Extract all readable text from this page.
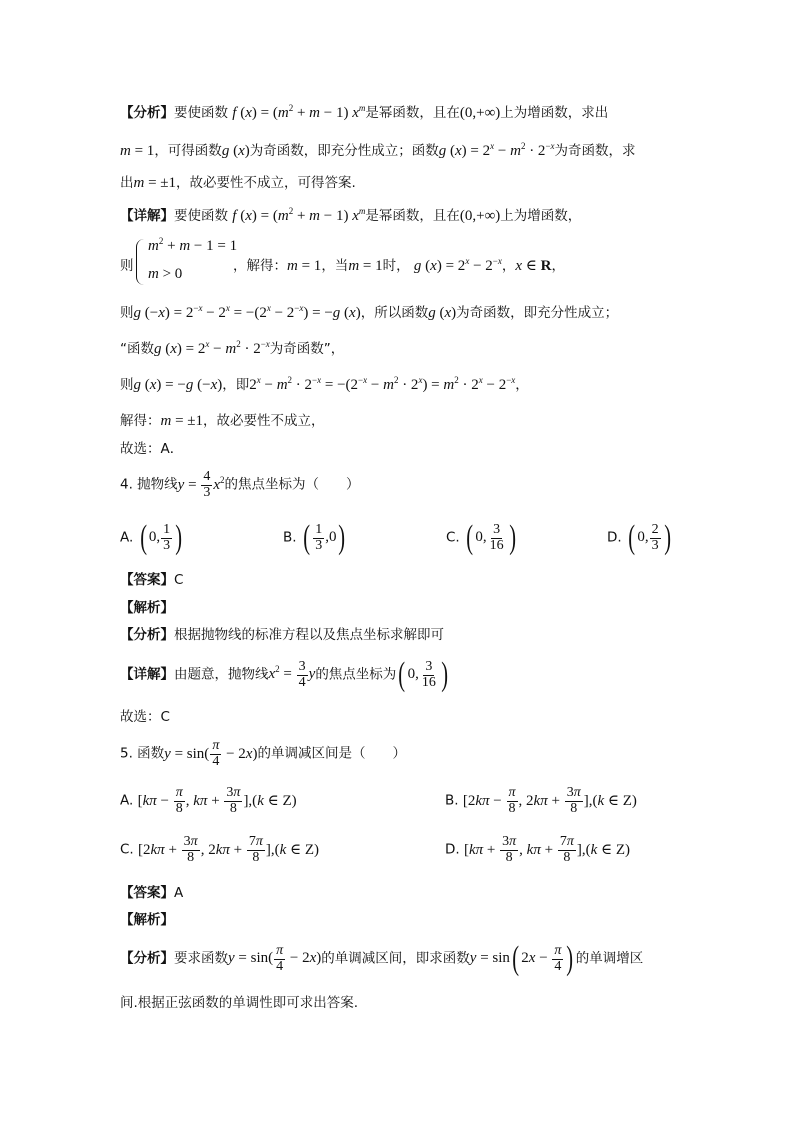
【分析】要使函数 f $(x) = (m^2 + m - 1)$ $x^m$是幂函数，且在(0,+∞)上为增函数，求出
m = 1，可得函数g (x)为奇函数，即充分性成立；函数g $(x) = 2^x - m^2 \cdot 2^{-x}$为奇函数，求
出m = ±1，故必要性不成立，可得答案.
【详解】要使函数 f $(x) = (m^2 + m - 1)$ $x^m$是幂函数，且在(0,+∞)上为增函数，
则
$m^2 + m - 1 = 1$
m > 0	，解得：m = 1，当m = 1时， g $(x) = 2^x - 2^{-x}$，x ∈ R，
则g $(-x) = 2^{-x} - 2^x = -(2^x - 2^{-x}) = -g$ (x)，所以函数g (x)为奇函数，即充分性成立；
“函数g $(x) = 2^x - m^2 \cdot 2^{-x}$为奇函数”，
则g (x) = −g (−x)，即$2^x - m^2 \cdot 2^{-x} = -(2^{-x} - m^2 \cdot 2^x) = m^2 \cdot 2^x - 2^{-x}$，
解得：m = ±1，故必要性不成立，
故选：A．
4. 抛物线$y = \frac{4}{3} x^2$的焦点坐标为（　　）
A. ( 0, $\frac{1}{3}$ )	B. ( $\frac{1}{3} ,0$)	C. ( 0, $\frac{3}{16}$ )	D. ( 0, $\frac{2}{3}$ )
【答案】C
【解析】
【分析】根据抛物线的标准方程以及焦点坐标求解即可
【详解】由题意，抛物线$x^2 = \frac{3}{4}$ y的焦点坐标为( 0, $\frac{3}{16}$ )
故选：C
5. 函数$y = \sin( \frac{\pi}{4} - 2x)$的单调减区间是（　　）
A. [$k\pi - \frac{\pi}{8}$ , $k\pi + \frac{3\pi}{8} ],(k$ ∈ Z)	B. [$2k\pi - \frac{\pi}{8}$ , $2k\pi + \frac{3\pi}{8} ],(k$ ∈ Z)
C. [$2k\pi + \frac{3\pi}{8}$ , $2k\pi + \frac{7\pi}{8} ],(k$ ∈ Z)	D. [$k\pi + \frac{3\pi}{8}$ , $k\pi + \frac{7\pi}{8} ],(k$ ∈ Z)
【答案】A
【解析】
【分析】要求函数$y = \sin( \frac{\pi}{4} - 2x)$的单调减区间，即求函数y = sin( $2x - \frac{\pi}{4}$ ) 的单调增区
间.根据正弦函数的单调性即可求出答案.
